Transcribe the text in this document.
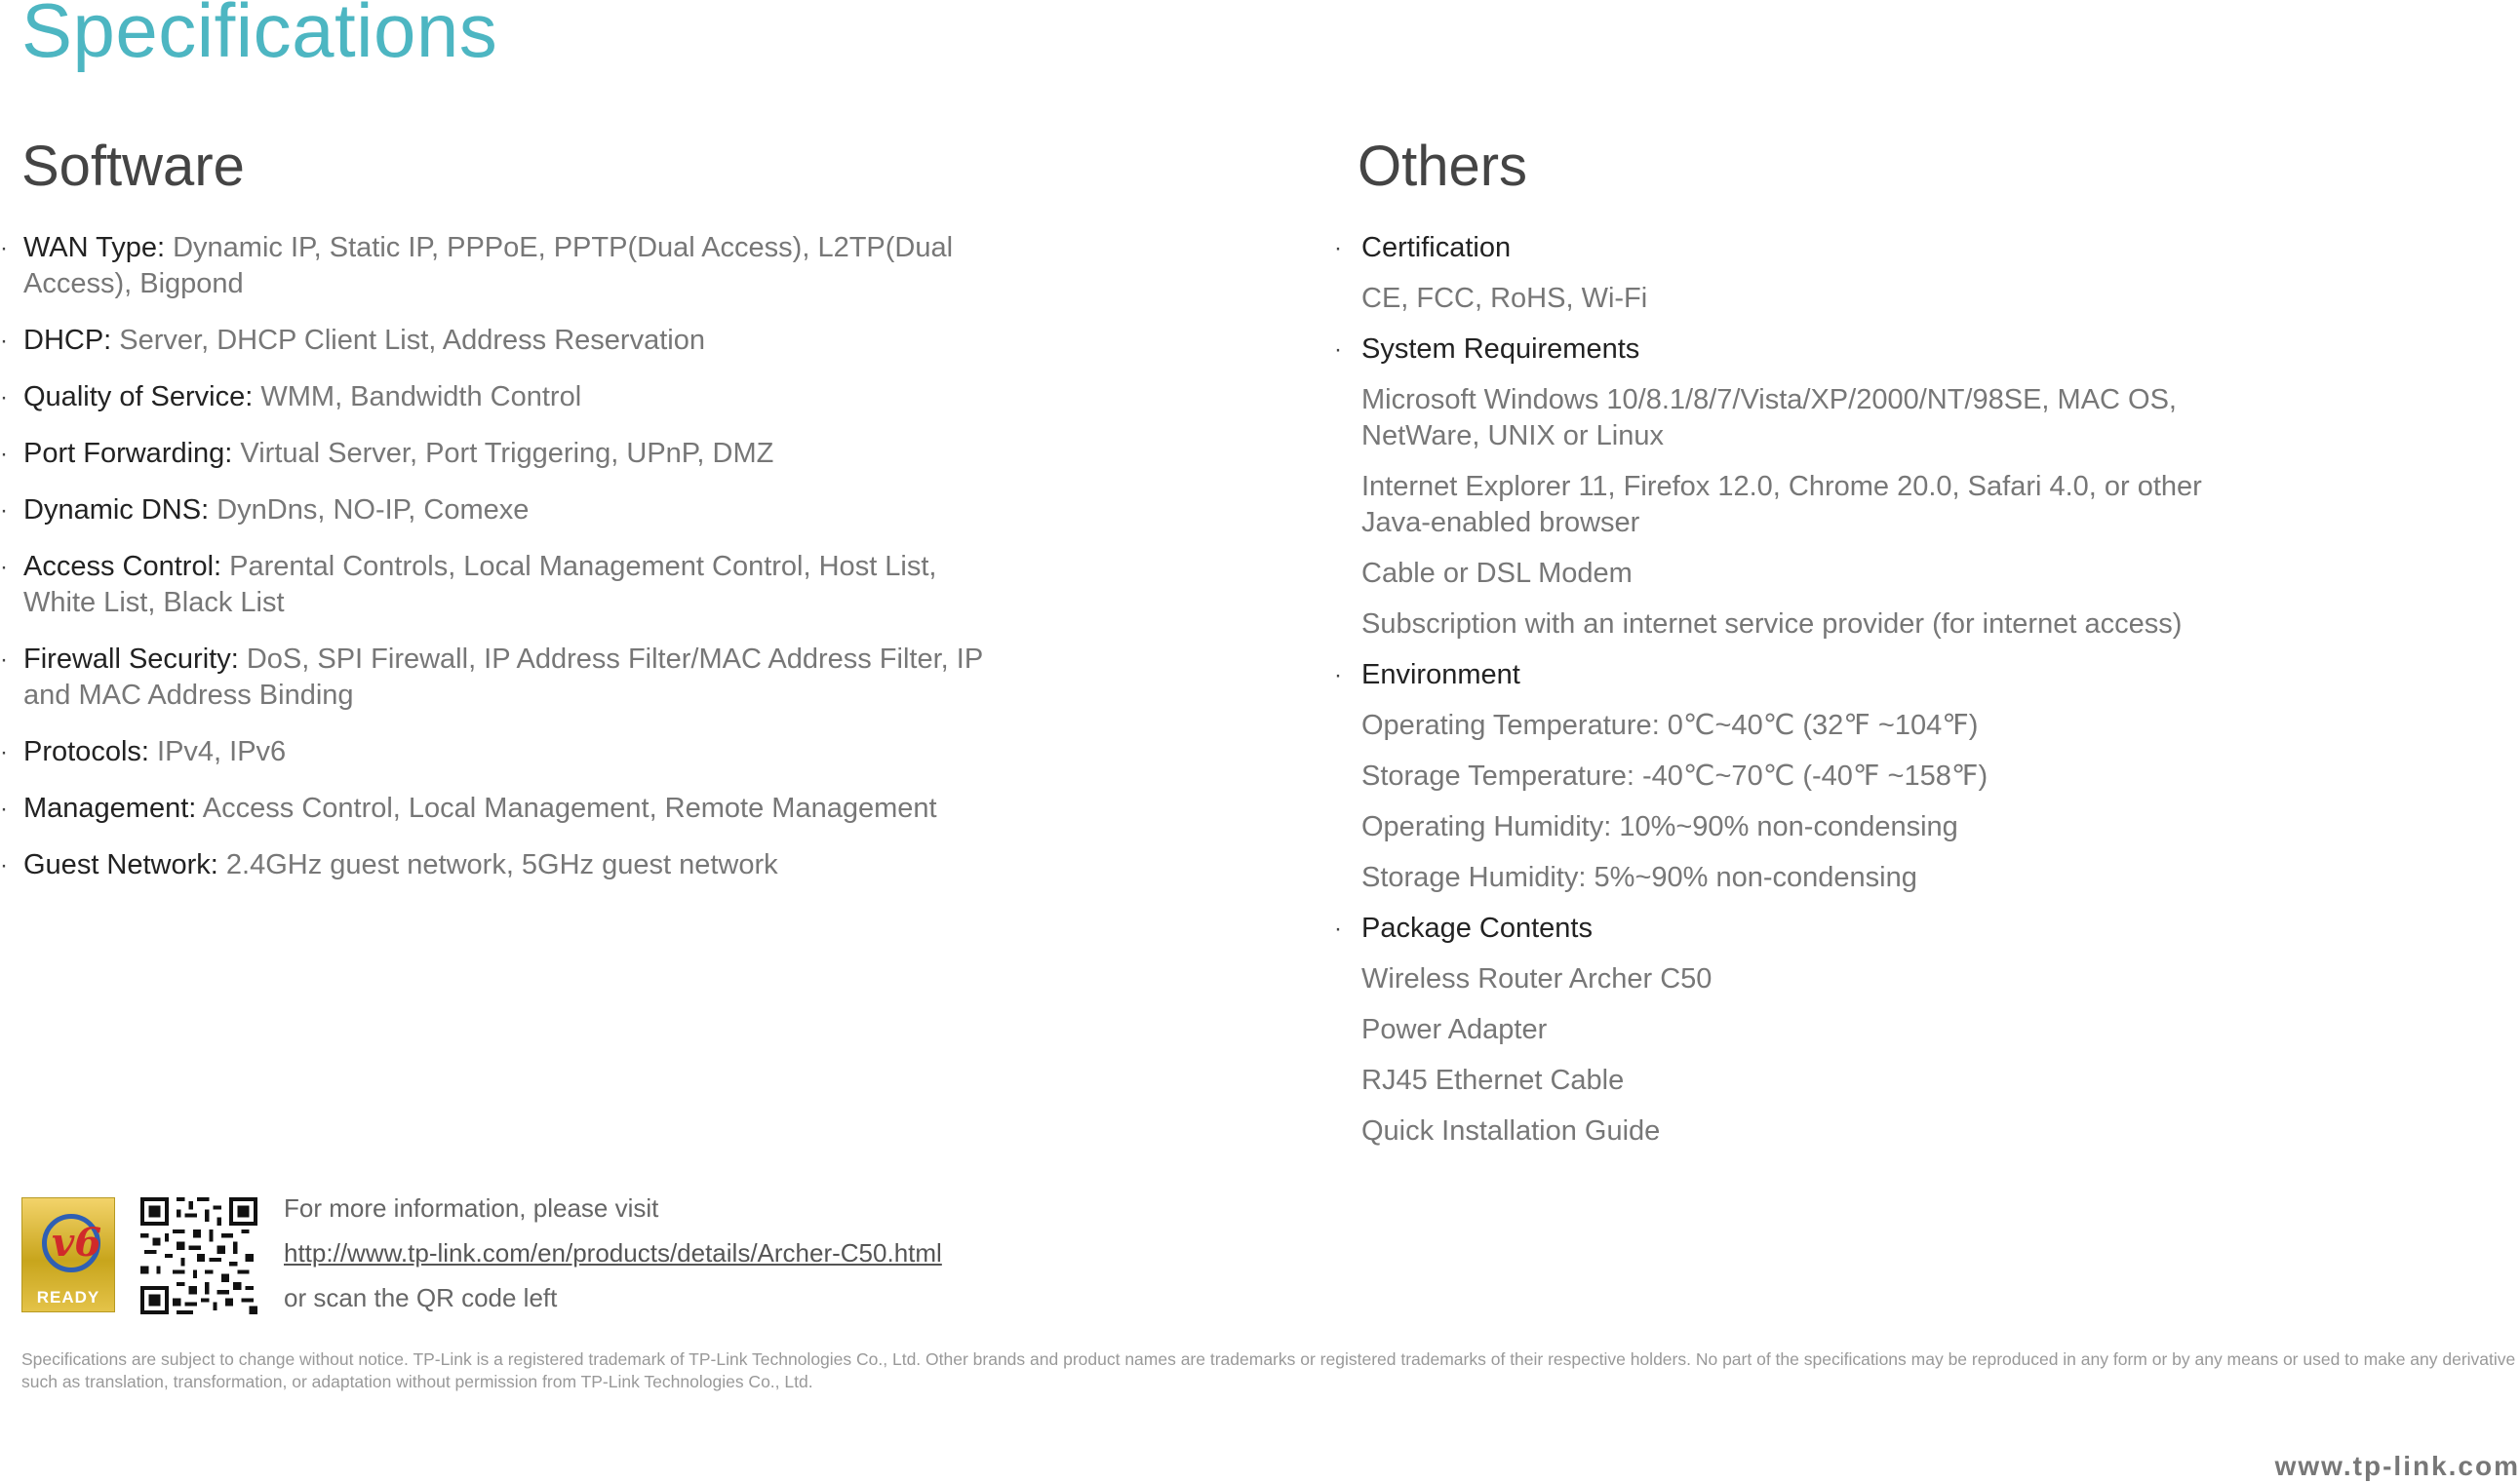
Specifications
Software	Others
· WAN Type: Dynamic IP, Static IP, PPPoE, PPTP(Dual Access), L2TP(Dual Access), Bigpond
· DHCP: Server, DHCP Client List, Address Reservation
· Quality of Service: WMM, Bandwidth Control
· Port Forwarding: Virtual Server, Port Triggering, UPnP, DMZ
· Dynamic DNS: DynDns, NO-IP, Comexe
· Access Control: Parental Controls, Local Management Control, Host List, White List, Black List
· Firewall Security: DoS, SPI Firewall, IP Address Filter/MAC Address Filter, IP and MAC Address Binding
· Protocols: IPv4, IPv6
· Management: Access Control, Local Management, Remote Management
· Guest Network: 2.4GHz guest network, 5GHz guest network
· Certification
CE, FCC, RoHS, Wi-Fi
· System Requirements
Microsoft Windows 10/8.1/8/7/Vista/XP/2000/NT/98SE, MAC OS, NetWare, UNIX or Linux
Internet Explorer 11, Firefox 12.0, Chrome 20.0, Safari 4.0, or other Java-enabled browser
Cable or DSL Modem
Subscription with an internet service provider (for internet access)
· Environment
Operating Temperature: 0℃~40℃ (32℉ ~104℉)
Storage Temperature: -40℃~70℃ (-40℉ ~158℉)
Operating Humidity: 10%~90% non-condensing
Storage Humidity: 5%~90% non-condensing
· Package Contents
Wireless Router Archer C50
Power Adapter
RJ45 Ethernet Cable
Quick Installation Guide
v6
READY
For more information, please visit
http://www.tp-link.com/en/products/details/Archer-C50.html
or scan the QR code left
Specifications are subject to change without notice. TP-Link is a registered trademark of TP-Link Technologies Co., Ltd. Other brands and product names are trademarks or registered trademarks of their respective holders. No part of the specifications may be reproduced in any form or by any means or used to make any derivative such as translation, transformation, or adaptation without permission from TP-Link Technologies Co., Ltd.
www.tp-link.com
